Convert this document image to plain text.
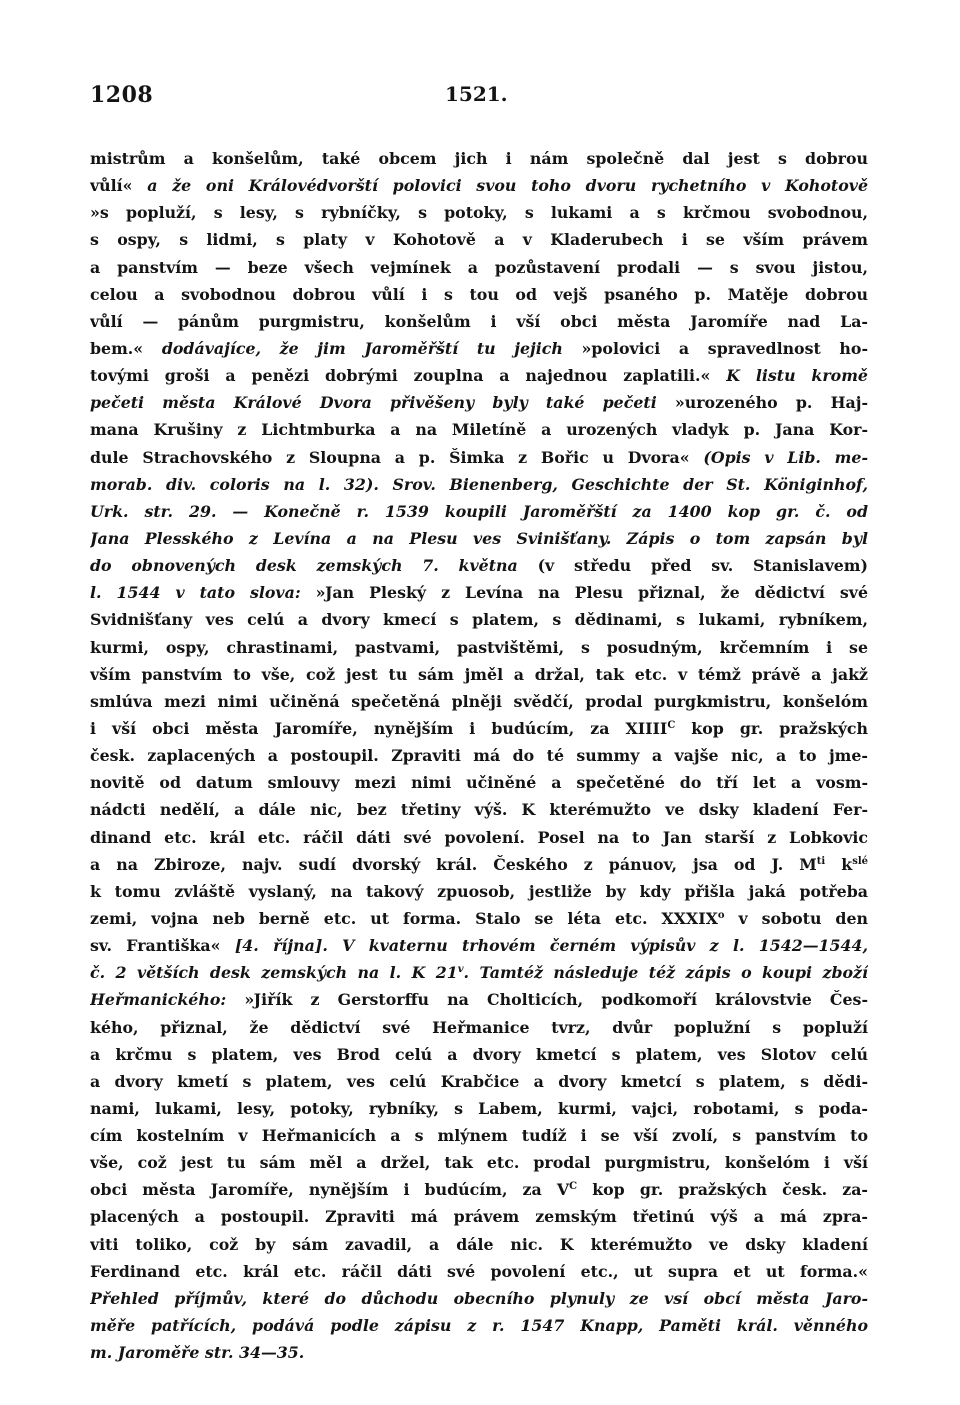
1208	1521.
mistrům a konšelům, také obcem jich i nám společně dal jest s dobrou
vůlí« a že oni Královédvorští polovici svou toho dvoru rychetního v Kohotově
»s popluží, s lesy, s rybníčky, s potoky, s lukami a s krčmou svobodnou,
s ospy, s lidmi, s platy v Kohotově a v Kladerubech i se vším právem
a panstvím — beze všech vejmínek a pozůstavení prodali — s svou jistou,
celou a svobodnou dobrou vůlí i s tou od vejš psaného p. Matěje dobrou
vůlí — pánům purgmistru, konšelům i vší obci města Jaromíře nad La-
bem.« dodávajíce, že jim Jaroměřští tu jejich »polovici a spravedlnost ho-
tovými groši a penězi dobrými zouplna a najednou zaplatili.« K listu kromě
pečeti města Králové Dvora přivěšeny byly také pečeti »urozeného p. Haj-
mana Krušiny z Lichtmburka a na Miletíně a urozených vladyk p. Jana Kor-
dule Strachovského z Sloupna a p. Šimka z Bořic u Dvora« (Opis v Lib. me-
morab. div. coloris na l. 32). Srov. Bienenberg, Geschichte der St. Königinhof,
Urk. str. 29. — Konečně r. 1539 koupili Jaroměřští za 1400 kop gr. č. od
Jana Plesského z Levína a na Plesu ves Svinišťany. Zápis o tom zapsán byl
do obnovených desk zemských 7. května (v středu před sv. Stanislavem)
l. 1544 v tato slova: »Jan Pleský z Levína na Plesu přiznal, že dědictví své
Svidnišťany ves celú a dvory kmecí s platem, s dědinami, s lukami, rybníkem,
kurmi, ospy, chrastinami, pastvami, pastvištěmi, s posudným, krčemním i se
vším panstvím to vše, což jest tu sám jměl a držal, tak etc. v témž právě a jakž
smlúva mezi nimi učiněná spečetěná plněji svědčí, prodal purgkmistru, konšelóm
i vší obci města Jaromíře, nynějším i budúcím, za $XIIII^C$ kop gr. pražských
česk. zaplacených a postoupil. Zpraviti má do té summy a vajše nic, a to jme-
novitě od datum smlouvy mezi nimi učiněné a spečetěné do tří let a vosm-
nádcti nedělí, a dále nic, bez třetiny výš. K kterémužto ve dsky kladení Fer-
dinand etc. král etc. ráčil dáti své povolení. Posel na to Jan starší z Lobkovic
a na Zbiroze, najv. sudí dvorský král. Českého z pánuov, jsa od J. $M^{ti}$ $k^{slé}$
k tomu zvláště vyslaný, na takový zpuosob, jestliže by kdy přišla jaká potřeba
zemi, vojna neb berně etc. ut forma. Stalo se léta etc. XXXIX$^o$ v sobotu den
sv. Františka« [4. října]. V kvaternu trhovém černém výpisův z l. 1542—1544,
č. 2 větších desk zemských na l. K 21$^v$. Tamtéž následuje též zápis o koupi zboží
Heřmanického: »Jiřík z Gerstorffu na Cholticích, podkomoří královstvie Čes-
kého, přiznal, že dědictví své Heřmanice tvrz, dvůr poplužní s popluží
a krčmu s platem, ves Brod celú a dvory kmetcí s platem, ves Slotov celú
a dvory kmetí s platem, ves celú Krabčice a dvory kmetcí s platem, s dědi-
nami, lukami, lesy, potoky, rybníky, s Labem, kurmi, vajci, robotami, s poda-
cím kostelním v Heřmanicích a s mlýnem tudíž i se vší zvolí, s panstvím to
vše, což jest tu sám měl a držel, tak etc. prodal purgmistru, konšelóm i vší
obci města Jaromíře, nynějším i budúcím, za $V^C$ kop gr. pražských česk. za-
placených a postoupil. Zpraviti má právem zemským třetinú výš a má zpra-
viti toliko, což by sám zavadil, a dále nic. K kterémužto ve dsky kladení
Ferdinand etc. král etc. ráčil dáti své povolení etc., ut supra et ut forma.«
Přehled příjmův, které do důchodu obecního plynuly ze vsí obcí města Jaro-
měře patřících, podává podle zápisu z r. 1547 Knapp, Paměti král. věnného
m. Jaroměře str. 34—35.
